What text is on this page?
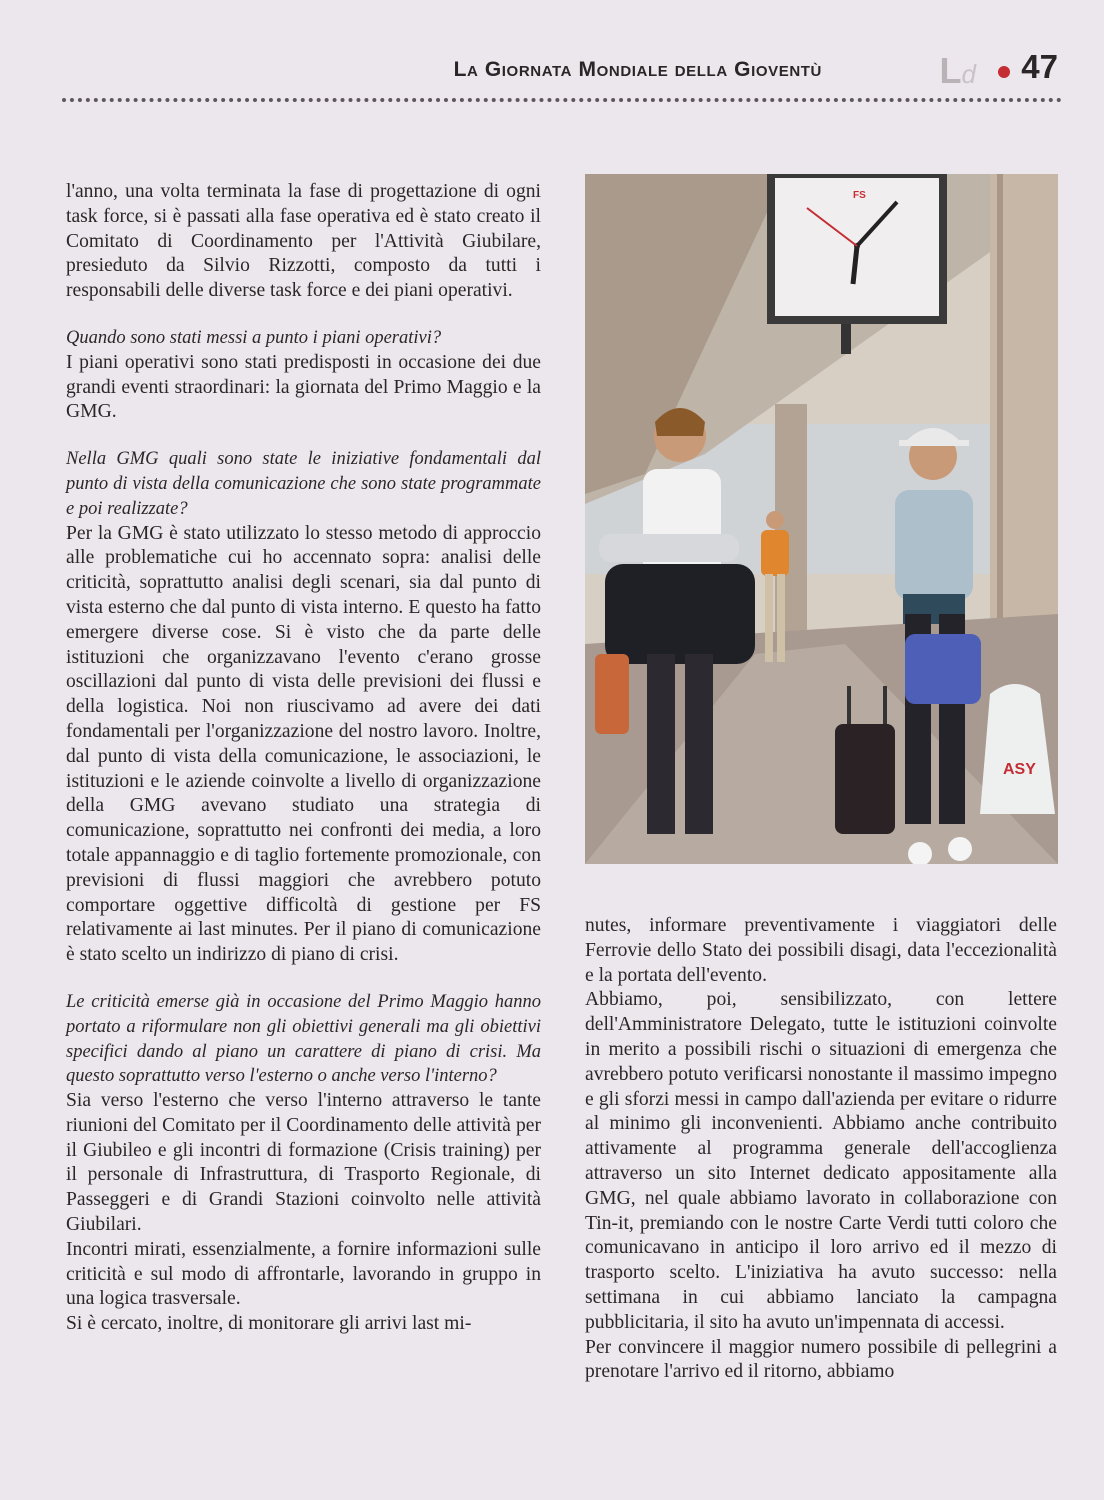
La Giornata Mondiale della Gioventù	Ld 47

l'anno, una volta terminata la fase di progettazione di ogni task force, si è passati alla fase operativa ed è stato creato il Comitato di Coordinamento per l'Attività Giubilare, presieduto da Silvio Rizzotti, composto da tutti i responsabili delle diverse task force e dei piani operativi.

Quando sono stati messi a punto i piani operativi?

I piani operativi sono stati predisposti in occasione dei due grandi eventi straordinari: la giornata del Primo Maggio e la GMG.

Nella GMG quali sono state le iniziative fondamentali dal punto di vista della comunicazione che sono state programmate e poi realizzate?

Per la GMG è stato utilizzato lo stesso metodo di approccio alle problematiche cui ho accennato sopra: analisi delle criticità, soprattutto analisi degli scenari, sia dal punto di vista esterno che dal punto di vista interno. E questo ha fatto emergere diverse cose. Si è visto che da parte delle istituzioni che organizzavano l'evento c'erano grosse oscillazioni dal punto di vista delle previsioni dei flussi e della logistica. Noi non riuscivamo ad avere dei dati fondamentali per l'organizzazione del nostro lavoro. Inoltre, dal punto di vista della comunicazione, le associazioni, le istituzioni e le aziende coinvolte a livello di organizzazione della GMG avevano studiato una strategia di comunicazione, soprattutto nei confronti dei media, a loro totale appannaggio e di taglio fortemente promozionale, con previsioni di flussi maggiori che avrebbero potuto comportare oggettive difficoltà di gestione per FS relativamente ai last minutes. Per il piano di comunicazione è stato scelto un indirizzo di piano di crisi.

Le criticità emerse già in occasione del Primo Maggio hanno portato a riformulare non gli obiettivi generali ma gli obiettivi specifici dando al piano un carattere di piano di crisi. Ma questo soprattutto verso l'esterno o anche verso l'interno?

Sia verso l'esterno che verso l'interno attraverso le tante riunioni del Comitato per il Coordinamento delle attività per il Giubileo e gli incontri di formazione (Crisis training) per il personale di Infrastruttura, di Trasporto Regionale, di Passeggeri e di Grandi Stazioni coinvolto nelle attività Giubilari.

Incontri mirati, essenzialmente, a fornire informazioni sulle criticità e sul modo di affrontarle, lavorando in gruppo in una logica trasversale.

Si è cercato, inoltre, di monitorare gli arrivi last mi-

FS
ASY

nutes, informare preventivamente i viaggiatori delle Ferrovie dello Stato dei possibili disagi, data l'eccezionalità e la portata dell'evento.

Abbiamo, poi, sensibilizzato, con lettere dell'Amministratore Delegato, tutte le istituzioni coinvolte in merito a possibili rischi o situazioni di emergenza che avrebbero potuto verificarsi nonostante il massimo impegno e gli sforzi messi in campo dall'azienda per evitare o ridurre al minimo gli inconvenienti. Abbiamo anche contribuito attivamente al programma generale dell'accoglienza attraverso un sito Internet dedicato appositamente alla GMG, nel quale abbiamo lavorato in collaborazione con Tin-it, premiando con le nostre Carte Verdi tutti coloro che comunicavano in anticipo il loro arrivo ed il mezzo di trasporto scelto. L'iniziativa ha avuto successo: nella settimana in cui abbiamo lanciato la campagna pubblicitaria, il sito ha avuto un'impennata di accessi.

Per convincere il maggior numero possibile di pellegrini a prenotare l'arrivo ed il ritorno, abbiamo
